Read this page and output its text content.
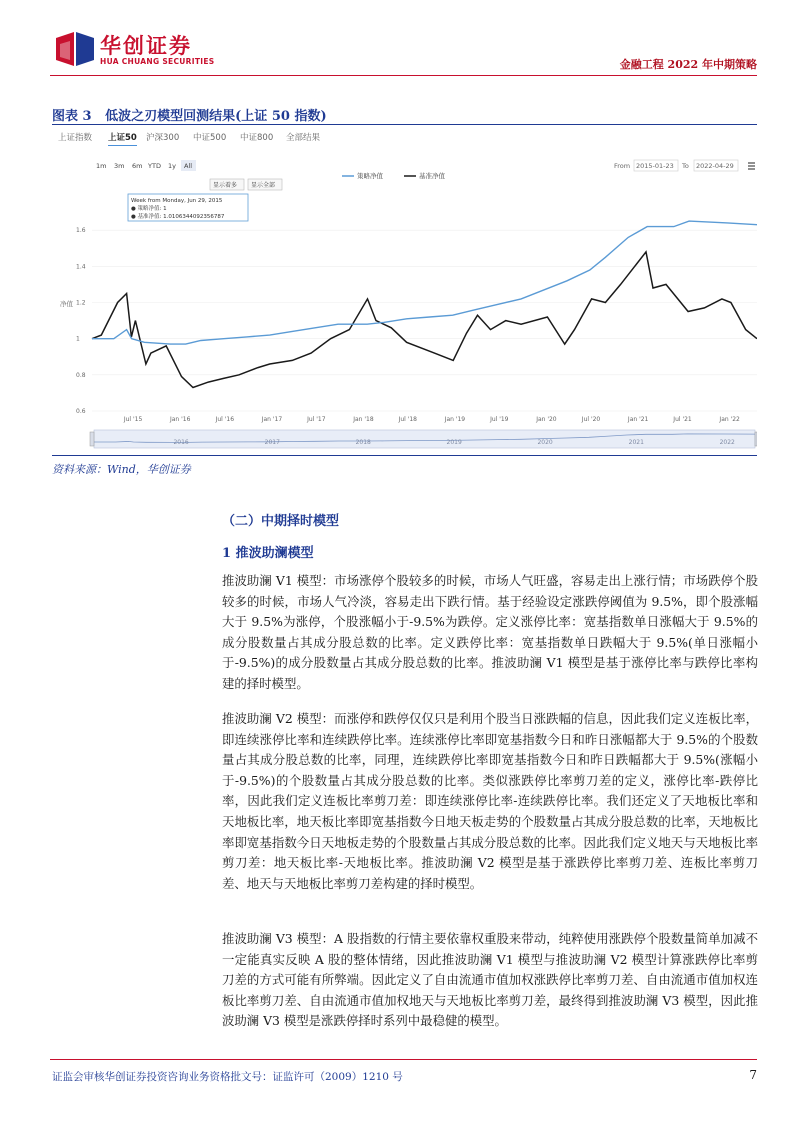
华创证券
HUA CHUANG SECURITIES	金融工程 2022 年中期策略
图表 3 低波之刃模型回测结果(上证 50 指数)
上证指数 上证50 沪深300 中证500 中证800 全部结果
1m 3m 6m YTD 1y All	From 2015-01-23 To 2022-04-29
策略净值	基准净值
显示着多 显示全部
0.6
0.8
1
1.2
1.4
1.6
Jul '15	Jan '16	Jul '16	Jan '17	Jul '17	Jan '18	Jul '18	Jan '19	Jul '19	Jan '20	Jul '20	Jan '21	Jul '21	Jan '22
净值
Week from Monday, Jun 29, 2015
● 策略净值: 1
● 基准净值: 1.0106344092356787
2016	2017	2018	2019	2020	2021	2022
资料来源：Wind，华创证券
（二）中期择时模型
1 推波助澜模型
推波助澜 V1 模型：市场涨停个股较多的时候，市场人气旺盛，容易走出上涨行情；市场跌停个股较多的时候，市场人气冷淡，容易走出下跌行情。基于经验设定涨跌停阈值为 9.5%，即个股涨幅大于 9.5%为涨停，个股涨幅小于-9.5%为跌停。定义涨停比率：宽基指数单日涨幅大于 9.5%的成分股数量占其成分股总数的比率。定义跌停比率：宽基指数单日跌幅大于 9.5%(单日涨幅小于-9.5%)的成分股数量占其成分股总数的比率。推波助澜 V1 模型是基于涨停比率与跌停比率构建的择时模型。
推波助澜 V2 模型：而涨停和跌停仅仅只是利用个股当日涨跌幅的信息，因此我们定义连板比率，即连续涨停比率和连续跌停比率。连续涨停比率即宽基指数今日和昨日涨幅都大于 9.5%的个股数量占其成分股总数的比率，同理，连续跌停比率即宽基指数今日和昨日跌幅都大于 9.5%(涨幅小于-9.5%)的个股数量占其成分股总数的比率。类似涨跌停比率剪刀差的定义，涨停比率-跌停比率，因此我们定义连板比率剪刀差：即连续涨停比率-连续跌停比率。我们还定义了天地板比率和天地板比率，地天板比率即宽基指数今日地天板走势的个股数量占其成分股总数的比率，天地板比率即宽基指数今日天地板走势的个股数量占其成分股总数的比率。因此我们定义地天与天地板比率剪刀差：地天板比率-天地板比率。推波助澜 V2 模型是基于涨跌停比率剪刀差、连板比率剪刀差、地天与天地板比率剪刀差构建的择时模型。
推波助澜 V3 模型：A 股指数的行情主要依靠权重股来带动，纯粹使用涨跌停个股数量简单加减不一定能真实反映 A 股的整体情绪，因此推波助澜 V1 模型与推波助澜 V2 模型计算涨跌停比率剪刀差的方式可能有所弊端。因此定义了自由流通市值加权涨跌停比率剪刀差、自由流通市值加权连板比率剪刀差、自由流通市值加权地天与天地板比率剪刀差，最终得到推波助澜 V3 模型，因此推波助澜 V3 模型是涨跌停择时系列中最稳健的模型。
证监会审核华创证券投资咨询业务资格批文号：证监许可（2009）1210 号	7
